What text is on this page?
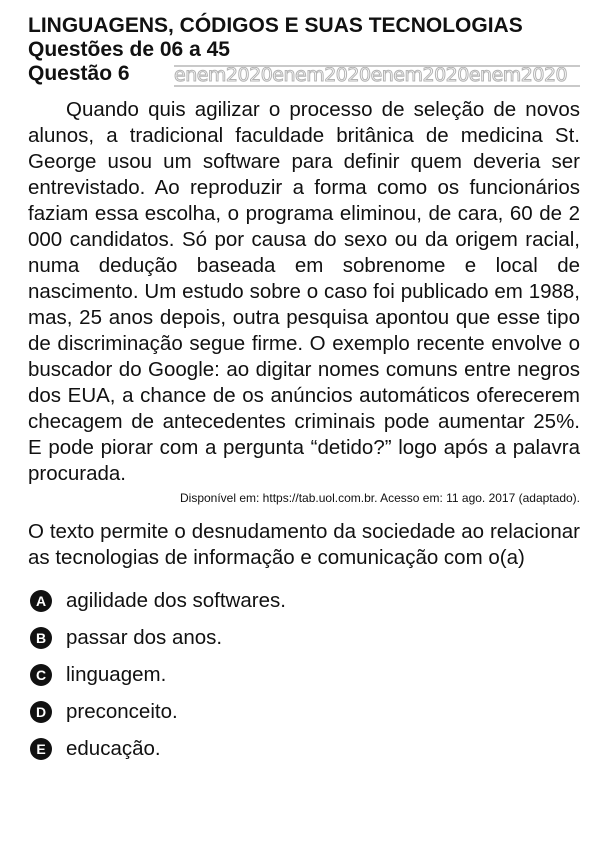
LINGUAGENS, CÓDIGOS E SUAS TECNOLOGIAS
Questões de 06 a 45
Questão 6	enem2020enem2020enem2020enem2020

Quando quis agilizar o processo de seleção de novos alunos, a tradicional faculdade britânica de medicina St. George usou um software para definir quem deveria ser entrevistado. Ao reproduzir a forma como os funcionários faziam essa escolha, o programa eliminou, de cara, 60 de 2 000 candidatos. Só por causa do sexo ou da origem racial, numa dedução baseada em sobrenome e local de nascimento. Um estudo sobre o caso foi publicado em 1988, mas, 25 anos depois, outra pesquisa apontou que esse tipo de discriminação segue firme. O exemplo recente envolve o buscador do Google: ao digitar nomes comuns entre negros dos EUA, a chance de os anúncios automáticos oferecerem checagem de antecedentes criminais pode aumentar 25%. E pode piorar com a pergunta “detido?” logo após a palavra procurada.

Disponível em: https://tab.uol.com.br. Acesso em: 11 ago. 2017 (adaptado).
O texto permite o desnudamento da sociedade ao relacionar as tecnologias de informação e comunicação com o(a)
A agilidade dos softwares.
B passar dos anos.
C linguagem.
D preconceito.
E educação.
